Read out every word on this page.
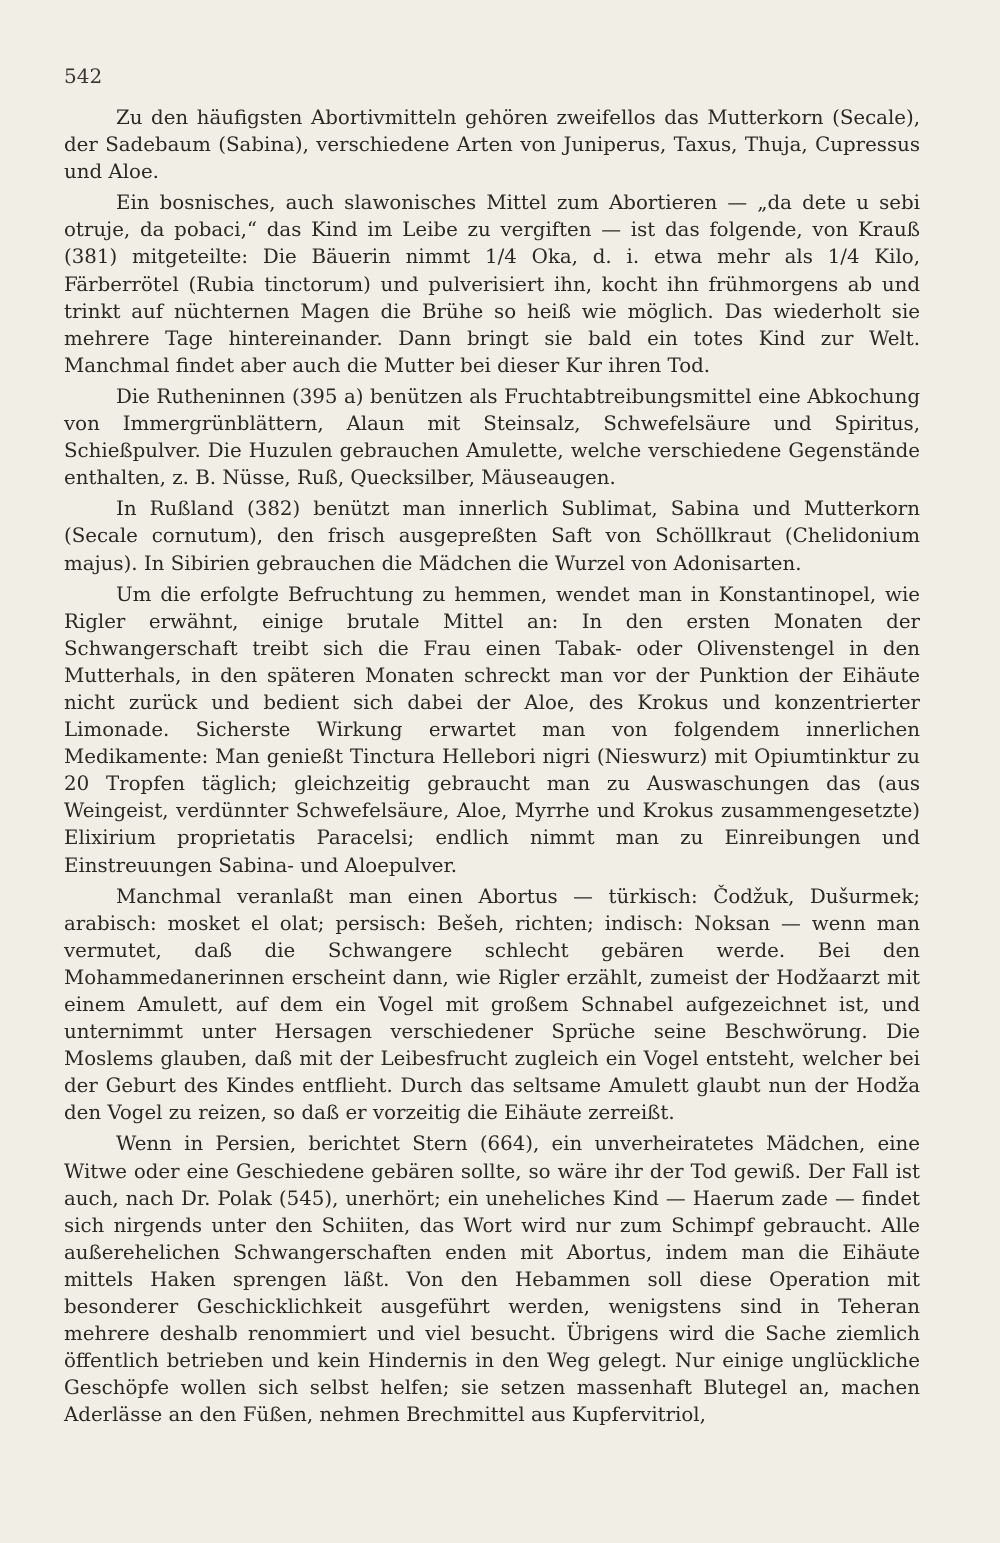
542

Zu den häufigsten Abortivmitteln gehören zweifellos das Mutterkorn (Secale), der Sadebaum (Sabina), verschiedene Arten von Juniperus, Taxus, Thuja, Cupressus und Aloe.

Ein bosnisches, auch slawonisches Mittel zum Abortieren — „da dete u sebi otruje, da pobaci,“ das Kind im Leibe zu vergiften — ist das folgende, von Krauß (381) mitgeteilte: Die Bäuerin nimmt 1/4 Oka, d. i. etwa mehr als 1/4 Kilo, Färberrötel (Rubia tinctorum) und pulverisiert ihn, kocht ihn frühmorgens ab und trinkt auf nüchternen Magen die Brühe so heiß wie möglich. Das wiederholt sie mehrere Tage hintereinander. Dann bringt sie bald ein totes Kind zur Welt. Manchmal findet aber auch die Mutter bei dieser Kur ihren Tod.

Die Rutheninnen (395 a) benützen als Fruchtabtreibungsmittel eine Abkochung von Immergrünblättern, Alaun mit Steinsalz, Schwefelsäure und Spiritus, Schießpulver. Die Huzulen gebrauchen Amulette, welche verschiedene Gegenstände enthalten, z. B. Nüsse, Ruß, Quecksilber, Mäuseaugen.

In Rußland (382) benützt man innerlich Sublimat, Sabina und Mutterkorn (Secale cornutum), den frisch ausgepreßten Saft von Schöllkraut (Chelidonium majus). In Sibirien gebrauchen die Mädchen die Wurzel von Adonisarten.

Um die erfolgte Befruchtung zu hemmen, wendet man in Konstantinopel, wie Rigler erwähnt, einige brutale Mittel an: In den ersten Monaten der Schwangerschaft treibt sich die Frau einen Tabak- oder Olivenstengel in den Mutterhals, in den späteren Monaten schreckt man vor der Punktion der Eihäute nicht zurück und bedient sich dabei der Aloe, des Krokus und konzentrierter Limonade. Sicherste Wirkung erwartet man von folgendem innerlichen Medikamente: Man genießt Tinctura Hellebori nigri (Nieswurz) mit Opiumtinktur zu 20 Tropfen täglich; gleichzeitig gebraucht man zu Auswaschungen das (aus Weingeist, verdünnter Schwefelsäure, Aloe, Myrrhe und Krokus zusammengesetzte) Elixirium proprietatis Paracelsi; endlich nimmt man zu Einreibungen und Einstreuungen Sabina- und Aloepulver.

Manchmal veranlaßt man einen Abortus — türkisch: Čodžuk, Dušurmek; arabisch: mosket el olat; persisch: Bešeh, richten; indisch: Noksan — wenn man vermutet, daß die Schwangere schlecht gebären werde. Bei den Mohammedanerinnen erscheint dann, wie Rigler erzählt, zumeist der Hodžaarzt mit einem Amulett, auf dem ein Vogel mit großem Schnabel aufgezeichnet ist, und unternimmt unter Hersagen verschiedener Sprüche seine Beschwörung. Die Moslems glauben, daß mit der Leibesfrucht zugleich ein Vogel entsteht, welcher bei der Geburt des Kindes entflieht. Durch das seltsame Amulett glaubt nun der Hodža den Vogel zu reizen, so daß er vorzeitig die Eihäute zerreißt.

Wenn in Persien, berichtet Stern (664), ein unverheiratetes Mädchen, eine Witwe oder eine Geschiedene gebären sollte, so wäre ihr der Tod gewiß. Der Fall ist auch, nach Dr. Polak (545), unerhört; ein uneheliches Kind — Haerum zade — findet sich nirgends unter den Schiiten, das Wort wird nur zum Schimpf gebraucht. Alle außerehelichen Schwangerschaften enden mit Abortus, indem man die Eihäute mittels Haken sprengen läßt. Von den Hebammen soll diese Operation mit besonderer Geschicklichkeit ausgeführt werden, wenigstens sind in Teheran mehrere deshalb renommiert und viel besucht. Übrigens wird die Sache ziemlich öffentlich betrieben und kein Hindernis in den Weg gelegt. Nur einige unglückliche Geschöpfe wollen sich selbst helfen; sie setzen massenhaft Blutegel an, machen Aderlässe an den Füßen, nehmen Brechmittel aus Kupfervitriol,
